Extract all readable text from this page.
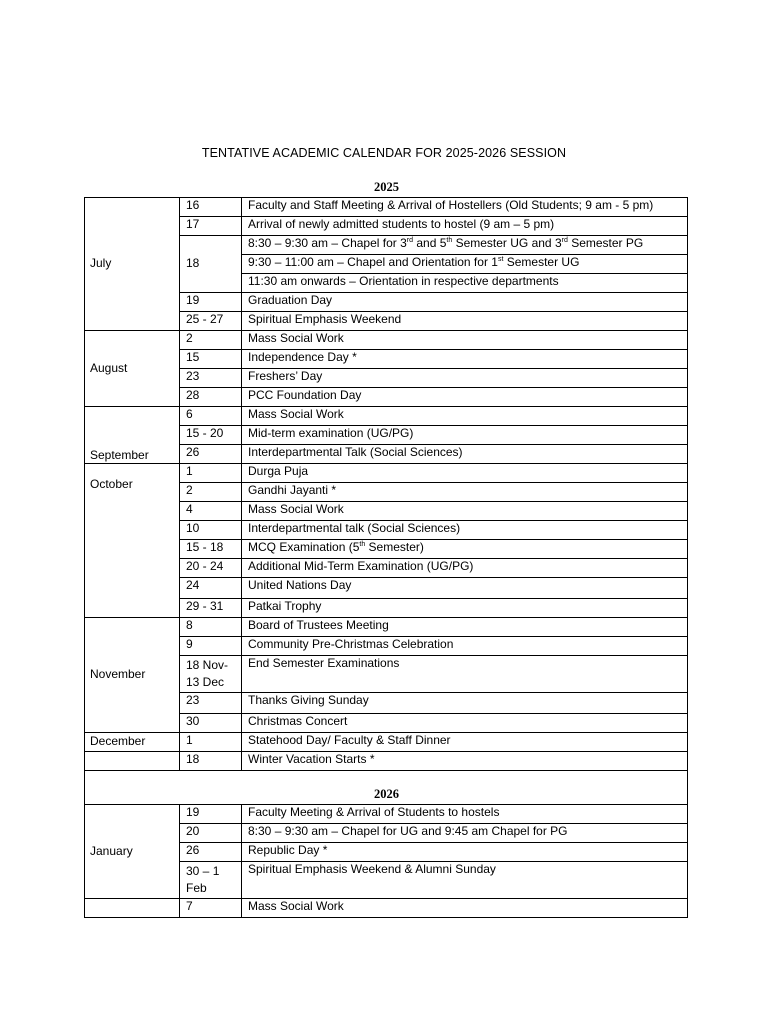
TENTATIVE ACADEMIC CALENDAR FOR 2025-2026 SESSION
2025		
July	16	Faculty and Staff Meeting & Arrival of Hostellers (Old Students; 9 am - 5 pm)
	17	Arrival of newly admitted students to hostel (9 am – 5 pm)
	18	8:30 – 9:30 am – Chapel for 3rd and 5th Semester UG and 3rd Semester PG
		9:30 – 11:00 am – Chapel and Orientation for 1st Semester UG
		11:30 am onwards – Orientation in respective departments
	19	Graduation Day
	25 - 27	Spiritual Emphasis Weekend
August	2	Mass Social Work
	15	Independence Day *
	23	Freshers’ Day
	28	PCC Foundation Day
September	6	Mass Social Work
	15 - 20	Mid-term examination (UG/PG)
	26	Interdepartmental Talk (Social Sciences)
October	1	Durga Puja
	2	Gandhi Jayanti *
	4	Mass Social Work
	10	Interdepartmental talk (Social Sciences)
	15 - 18	MCQ Examination (5th Semester)
	20 - 24	Additional Mid-Term Examination (UG/PG)
	24	United Nations Day
	29 - 31	Patkai Trophy
November	8	Board of Trustees Meeting
	9	Community Pre-Christmas Celebration
	18 Nov-13 Dec	End Semester Examinations
	23	Thanks Giving Sunday
	30	Christmas Concert
December	1	Statehood Day/ Faculty & Staff Dinner
	18	Winter Vacation Starts *
2026		
January	19	Faculty Meeting & Arrival of Students to hostels
	20	8:30 – 9:30 am – Chapel for UG and 9:45 am Chapel for PG
	26	Republic Day *
	30 – 1 Feb	Spiritual Emphasis Weekend & Alumni Sunday
	7	Mass Social Work
